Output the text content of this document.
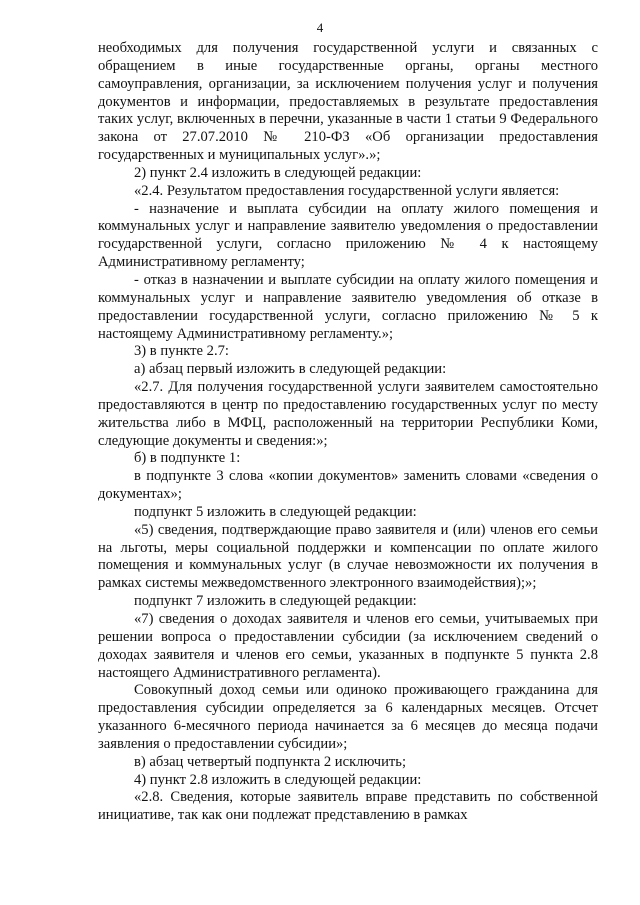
4

необходимых для получения государственной услуги и связанных с обращением в иные государственные органы, органы местного самоуправления, организации, за исключением получения услуг и получения документов и информации, предоставляемых в результате предоставления таких услуг, включенных в перечни, указанные в части 1 статьи 9 Федерального закона от 27.07.2010 № 210-ФЗ «Об организации предоставления государственных и муниципальных услуг».»;

2) пункт 2.4 изложить в следующей редакции:

«2.4. Результатом предоставления государственной услуги является:

- назначение и выплата субсидии на оплату жилого помещения и коммунальных услуг и направление заявителю уведомления о предоставлении государственной услуги, согласно приложению № 4 к настоящему Административному регламенту;

- отказ в назначении и выплате субсидии на оплату жилого помещения и коммунальных услуг и направление заявителю уведомления об отказе в предоставлении государственной услуги, согласно приложению № 5 к настоящему Административному регламенту.»;

3) в пункте 2.7:

а) абзац первый изложить в следующей редакции:

«2.7. Для получения государственной услуги заявителем самостоятельно предоставляются в центр по предоставлению государственных услуг по месту жительства либо в МФЦ, расположенный на территории Республики Коми, следующие документы и сведения:»;

б) в подпункте 1:

в подпункте 3 слова «копии документов» заменить словами «сведения о документах»;

подпункт 5 изложить в следующей редакции:

«5) сведения, подтверждающие право заявителя и (или) членов его семьи на льготы, меры социальной поддержки и компенсации по оплате жилого помещения и коммунальных услуг (в случае невозможности их получения в рамках системы межведомственного электронного взаимодействия);»;

подпункт 7 изложить в следующей редакции:

«7) сведения о доходах заявителя и членов его семьи, учитываемых при решении вопроса о предоставлении субсидии (за исключением сведений о доходах заявителя и членов его семьи, указанных в подпункте 5 пункта 2.8 настоящего Административного регламента).

Совокупный доход семьи или одиноко проживающего гражданина для предоставления субсидии определяется за 6 календарных месяцев. Отсчет указанного 6-месячного периода начинается за 6 месяцев до месяца подачи заявления о предоставлении субсидии»;

в) абзац четвертый подпункта 2 исключить;

4) пункт 2.8 изложить в следующей редакции:

«2.8. Сведения, которые заявитель вправе представить по собственной инициативе, так как они подлежат представлению в рамках
